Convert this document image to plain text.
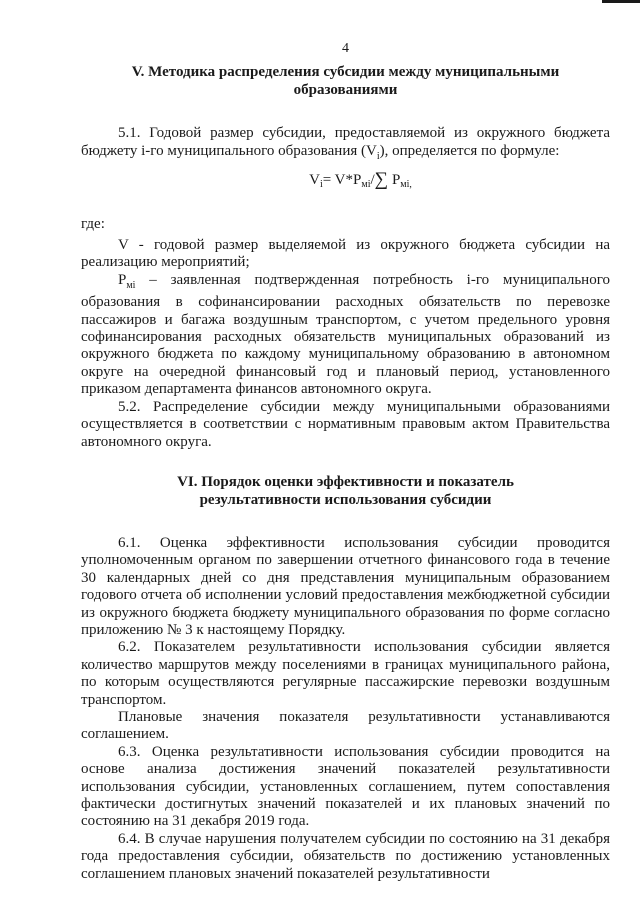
4
V. Методика распределения субсидии между муниципальными
образованиями

5.1. Годовой размер субсидии, предоставляемой из окружного бюджета бюджету i-го муниципального образования $(V_i)$, определяется по формуле:

$V_i= V*P_{мi}/\sum$ $P_{мi,}$

где:

V - годовой размер выделяемой из окружного бюджета субсидии на реализацию мероприятий;

$P_{мi}$ – заявленная подтвержденная потребность i-го муниципального образования в софинансировании расходных обязательств по перевозке пассажиров и багажа воздушным транспортом, с учетом предельного уровня софинансирования расходных обязательств муниципальных образований из окружного бюджета по каждому муниципальному образованию в автономном округе на очередной финансовый год и плановый период, установленного приказом департамента финансов автономного округа.

5.2. Распределение субсидии между муниципальными образованиями осуществляется в соответствии с нормативным правовым актом Правительства автономного округа.

VI. Порядок оценки эффективности и показатель
результативности использования субсидии

6.1. Оценка эффективности использования субсидии проводится уполномоченным органом по завершении отчетного финансового года в течение 30 календарных дней со дня представления муниципальным образованием годового отчета об исполнении условий предоставления межбюджетной субсидии из окружного бюджета бюджету муниципального образования по форме согласно приложению № 3 к настоящему Порядку.

6.2. Показателем результативности использования субсидии является количество маршрутов между поселениями в границах муниципального района, по которым осуществляются регулярные пассажирские перевозки воздушным транспортом.

Плановые значения показателя результативности устанавливаются соглашением.

6.3. Оценка результативности использования субсидии проводится на основе анализа достижения значений показателей результативности использования субсидии, установленных соглашением, путем сопоставления фактически достигнутых значений показателей и их плановых значений по состоянию на 31 декабря 2019 года.

6.4. В случае нарушения получателем субсидии по состоянию на 31 декабря года предоставления субсидии, обязательств по достижению установленных соглашением плановых значений показателей результативности
